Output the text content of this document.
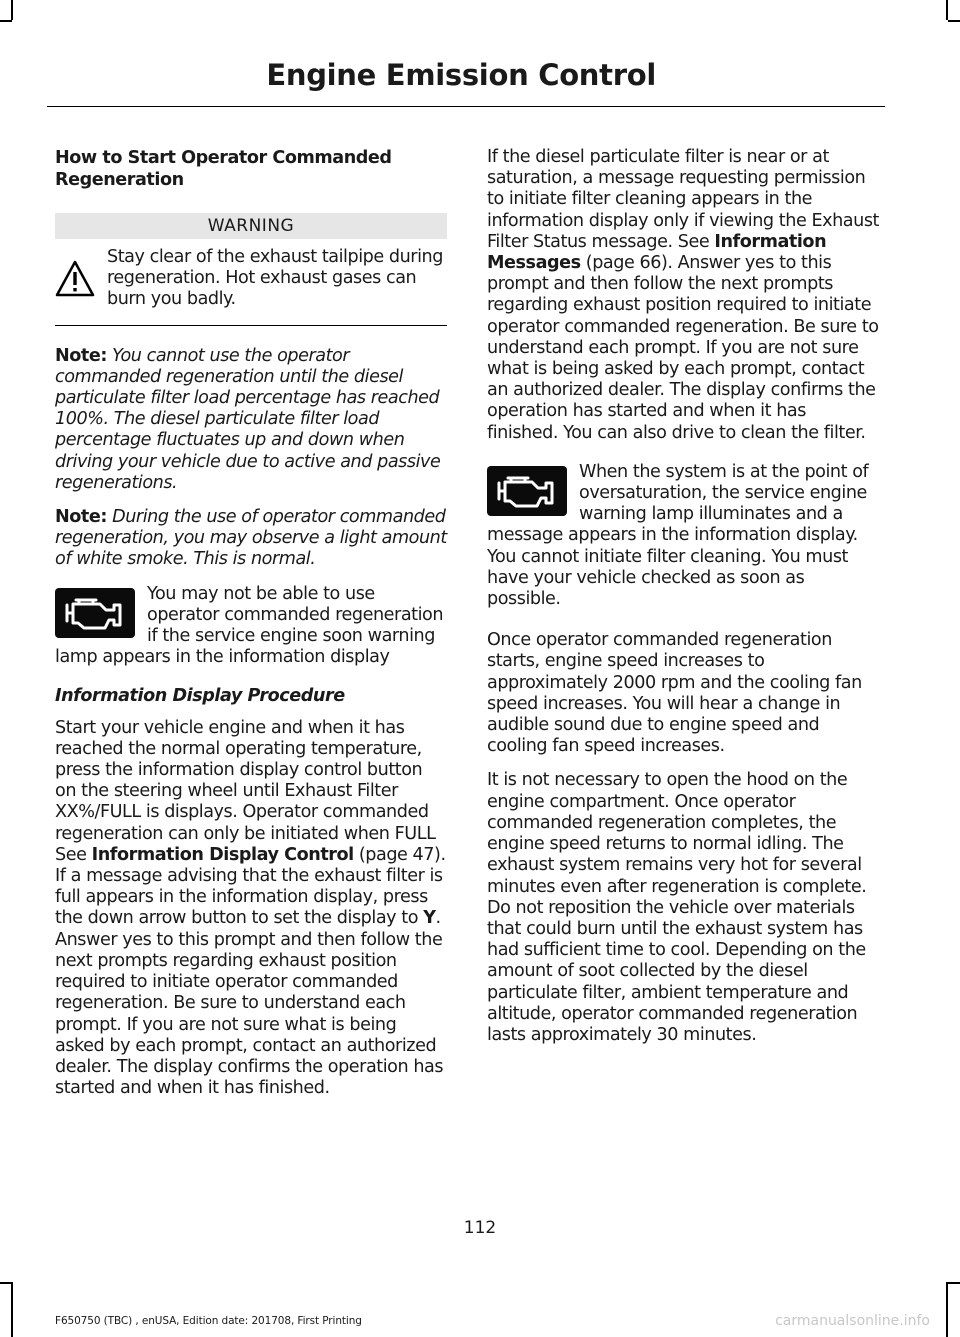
Engine Emission Control
How to Start Operator Commanded Regeneration
WARNING
Stay clear of the exhaust tailpipe during regeneration. Hot exhaust gases can burn you badly.

Note: You cannot use the operator commanded regeneration until the diesel particulate filter load percentage has reached 100%. The diesel particulate filter load percentage fluctuates up and down when driving your vehicle due to active and passive regenerations.

Note: During the use of operator commanded regeneration, you may observe a light amount of white smoke. This is normal.

You may not be able to use operator commanded regeneration if the service engine soon warning lamp appears in the information display

Information Display Procedure

Start your vehicle engine and when it has reached the normal operating temperature, press the information display control button on the steering wheel until Exhaust Filter XX%/FULL is displays. Operator commanded regeneration can only be initiated when FULL See Information Display Control (page 47). If a message advising that the exhaust filter is full appears in the information display, press the down arrow button to set the display to Y. Answer yes to this prompt and then follow the next prompts regarding exhaust position required to initiate operator commanded regeneration. Be sure to understand each prompt. If you are not sure what is being asked by each prompt, contact an authorized dealer. The display confirms the operation has started and when it has finished.

If the diesel particulate filter is near or at saturation, a message requesting permission to initiate filter cleaning appears in the information display only if viewing the Exhaust Filter Status message. See Information Messages (page 66). Answer yes to this prompt and then follow the next prompts regarding exhaust position required to initiate operator commanded regeneration. Be sure to understand each prompt. If you are not sure what is being asked by each prompt, contact an authorized dealer. The display confirms the operation has started and when it has finished. You can also drive to clean the filter.

When the system is at the point of oversaturation, the service engine warning lamp illuminates and a message appears in the information display. You cannot initiate filter cleaning. You must have your vehicle checked as soon as possible.

Once operator commanded regeneration starts, engine speed increases to approximately 2000 rpm and the cooling fan speed increases. You will hear a change in audible sound due to engine speed and cooling fan speed increases.

It is not necessary to open the hood on the engine compartment. Once operator commanded regeneration completes, the engine speed returns to normal idling. The exhaust system remains very hot for several minutes even after regeneration is complete. Do not reposition the vehicle over materials that could burn until the exhaust system has had sufficient time to cool. Depending on the amount of soot collected by the diesel particulate filter, ambient temperature and altitude, operator commanded regeneration lasts approximately 30 minutes.

112
F650750 (TBC) , enUSA, Edition date: 201708, First Printing	carmanualsonline.info
